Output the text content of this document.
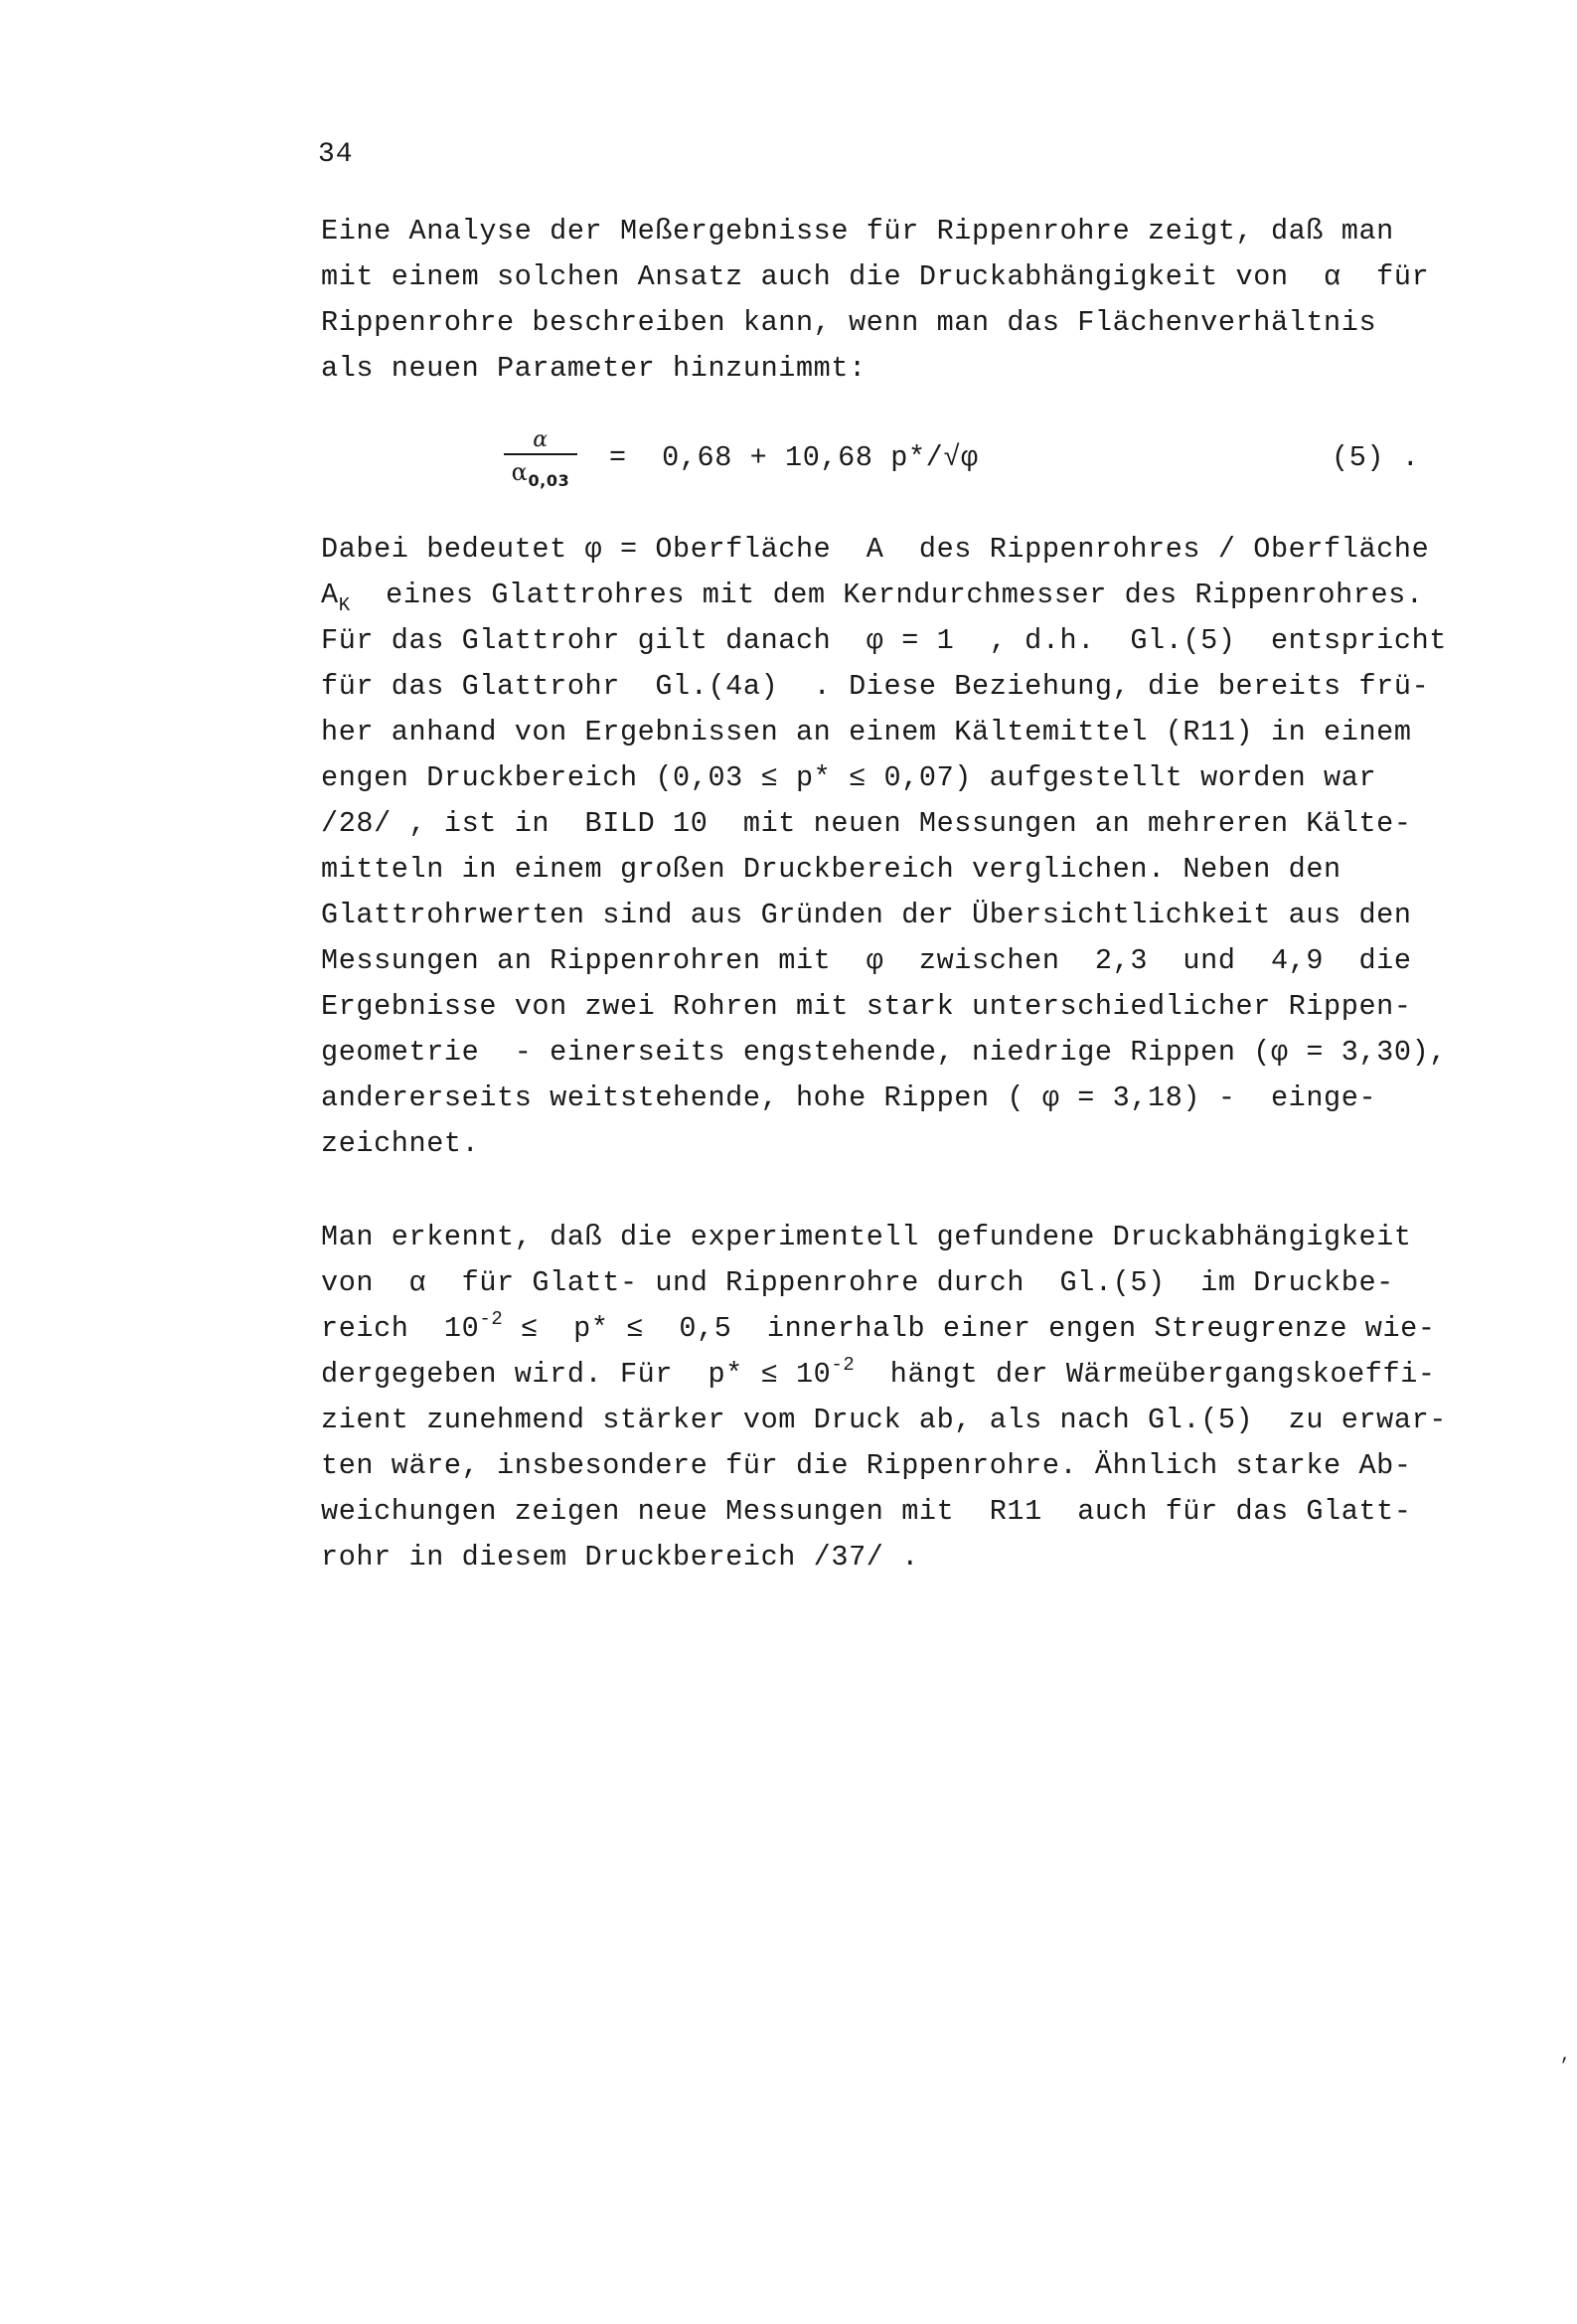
34

Eine Analyse der Meßergebnisse für Rippenrohre zeigt, daß man
mit einem solchen Ansatz auch die Druckabhängigkeit von  α  für
Rippenrohre beschreiben kann, wenn man das Flächenverhältnis
als neuen Parameter hinzunimmt:

α
$\alpha_{0,03}$
=  0,68 + 10,68 p*/√φ	(5) .

Dabei bedeutet φ = Oberfläche  A  des Rippenrohres / Oberfläche
$A_K$  eines Glattrohres mit dem Kerndurchmesser des Rippenrohres.
Für das Glattrohr gilt danach  φ = 1  , d.h.  Gl.(5)  entspricht
für das Glattrohr  Gl.(4a)  . Diese Beziehung, die bereits frü-
her anhand von Ergebnissen an einem Kältemittel (R11) in einem
engen Druckbereich (0,03 ≤ p* ≤ 0,07) aufgestellt worden war
/28/ , ist in  BILD 10  mit neuen Messungen an mehreren Kälte-
mitteln in einem großen Druckbereich verglichen. Neben den
Glattrohrwerten sind aus Gründen der Übersichtlichkeit aus den
Messungen an Rippenrohren mit  φ  zwischen  2,3  und  4,9  die
Ergebnisse von zwei Rohren mit stark unterschiedlicher Rippen-
geometrie  - einerseits engstehende, niedrige Rippen (φ = 3,30),
andererseits weitstehende, hohe Rippen ( φ = 3,18) -  einge-
zeichnet.

Man erkennt, daß die experimentell gefundene Druckabhängigkeit
von  α  für Glatt- und Rippenrohre durch  Gl.(5)  im Druckbe-
reich  $10^{-2} \le p* \le 0,5$  innerhalb einer engen Streugrenze wie-
dergegeben wird. Für  $p* \le 10^{-2}$  hängt der Wärmeübergangskoeffi-
zient zunehmend stärker vom Druck ab, als nach Gl.(5)  zu erwar-
ten wäre, insbesondere für die Rippenrohre. Ähnlich starke Ab-
weichungen zeigen neue Messungen mit  R11  auch für das Glatt-
rohr in diesem Druckbereich /37/ .

,
